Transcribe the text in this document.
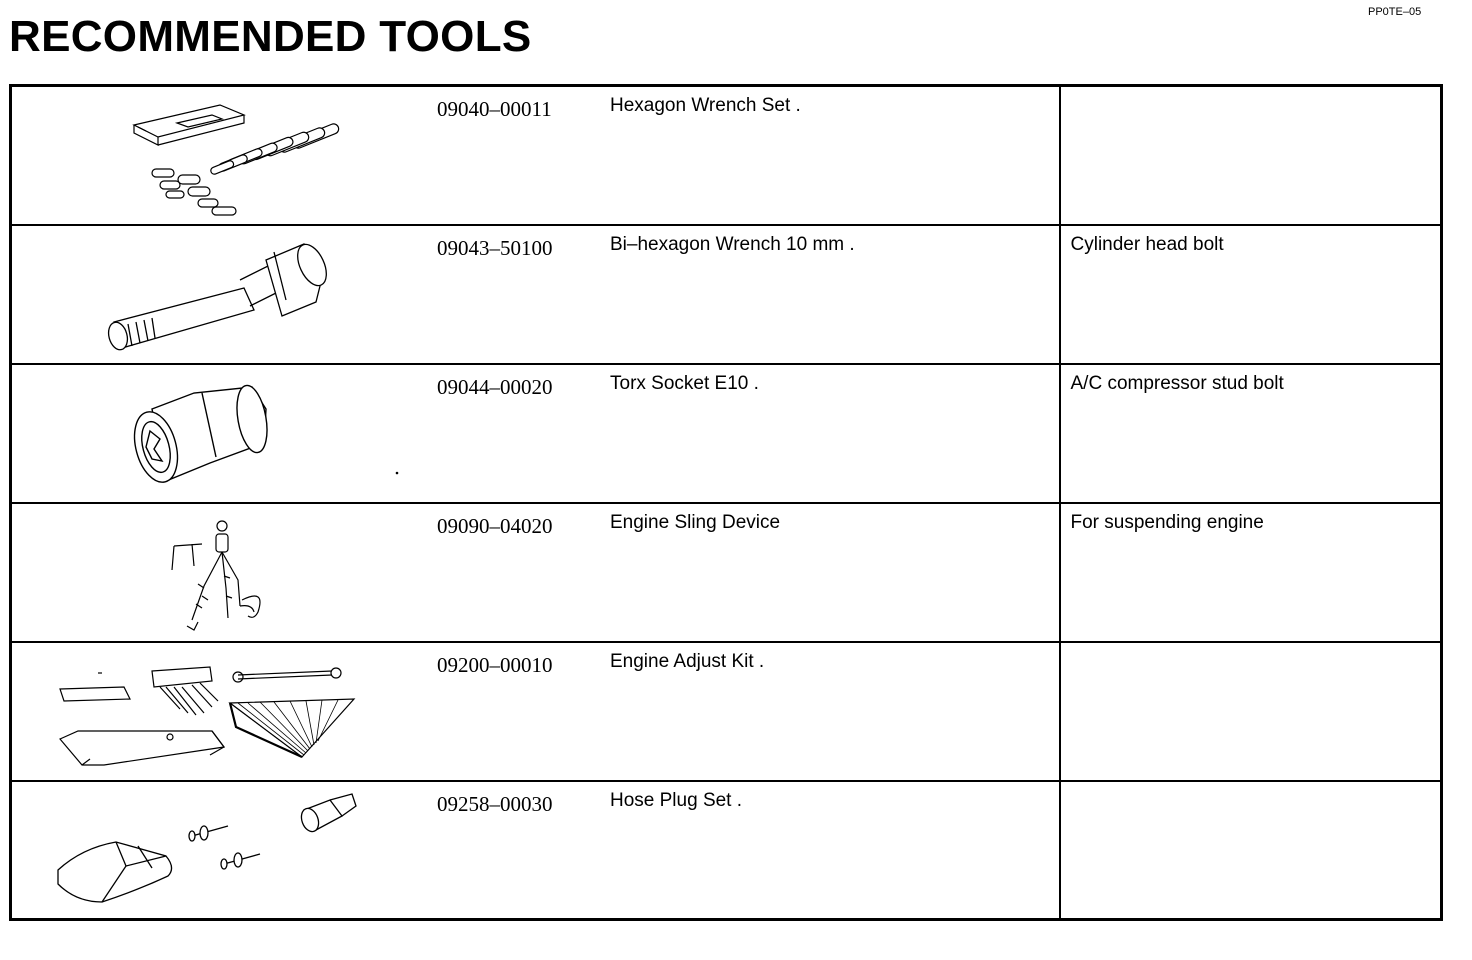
RECOMMENDED TOOLS	PP0TE–05
09040–00011 Hexagon Wrench Set .	

09043–50100 Bi–hexagon Wrench 10 mm .	Cylinder head bolt

09044–00020 Torx Socket E10 .	A/C compressor stud bolt

09090–04020 Engine Sling Device	For suspending engine

09200–00010 Engine Adjust Kit .	

09258–00030 Hose Plug Set .	
